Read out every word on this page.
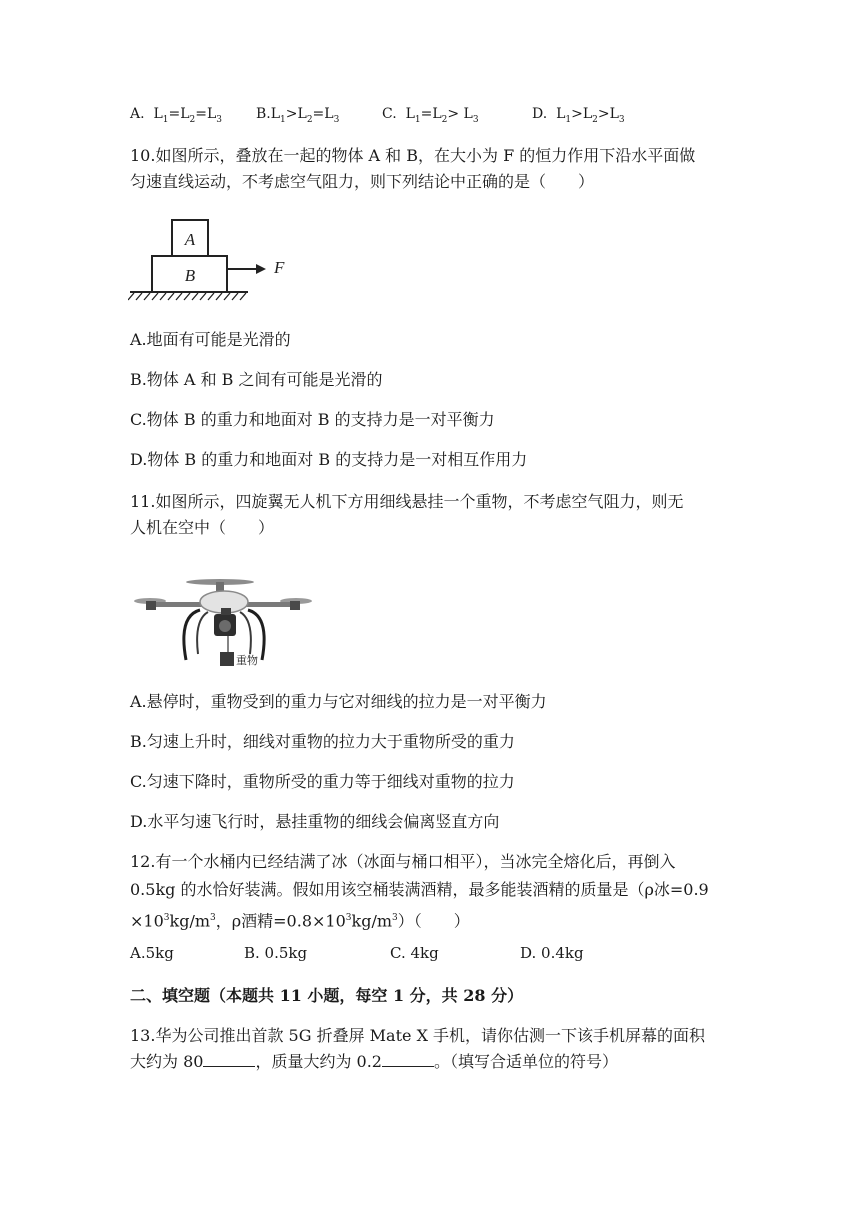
A. $L_1=L_2=L_3$ $B.L_1>L_2=L_3$	C. $L_1=L_2> L_3$	D. $L_1>L_2>L_3$
10.如图所示，叠放在一起的物体 A 和 B，在大小为 F 的恒力作用下沿水平面做
匀速直线运动，不考虑空气阻力，则下列结论中正确的是（　　）
A
B	F
A.地面有可能是光滑的
B.物体 A 和 B 之间有可能是光滑的
C.物体 B 的重力和地面对 B 的支持力是一对平衡力
D.物体 B 的重力和地面对 B 的支持力是一对相互作用力
11.如图所示，四旋翼无人机下方用细线悬挂一个重物，不考虑空气阻力，则无
人机在空中（　　）
重物
A.悬停时，重物受到的重力与它对细线的拉力是一对平衡力
B.匀速上升时，细线对重物的拉力大于重物所受的重力
C.匀速下降时，重物所受的重力等于细线对重物的拉力
D.水平匀速飞行时，悬挂重物的细线会偏离竖直方向
12.有一个水桶内已经结满了冰（冰面与桶口相平），当冰完全熔化后，再倒入
0.5kg 的水恰好装满。假如用该空桶装满酒精，最多能装酒精的质量是（ρ冰=0.9
$\times 10^3kg/m^3$，ρ酒精$=0.8\times 10^3kg/m^3$）（　　）
A.5kg	B. 0.5kg	C. 4kg	D. 0.4kg
二、填空题（本题共 11 小题，每空 1 分，共 28 分）
13.华为公司推出首款 5G 折叠屏 Mate X 手机，请你估测一下该手机屏幕的面积
大约为 80	，质量大约为 0.2	。（填写合适单位的符号）
